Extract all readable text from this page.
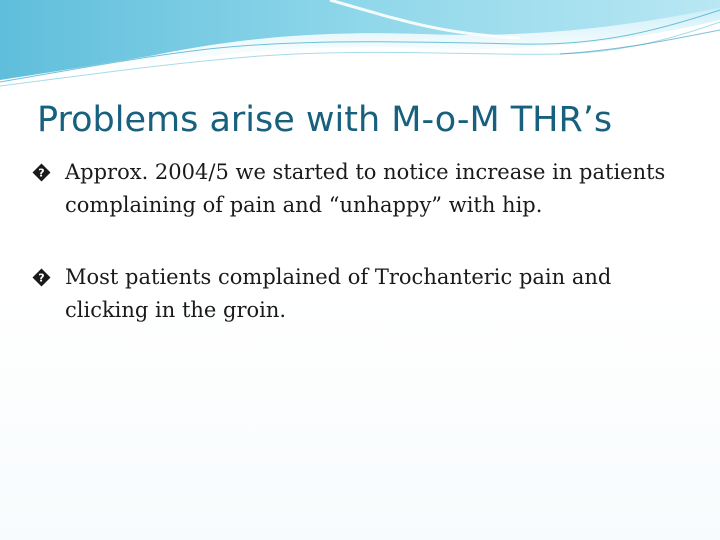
Problems arise with M-o-M THR’s
? Approx. 2004/5 we started to notice increase in patients complaining of pain and “unhappy” with hip.
? Most patients complained of Trochanteric pain and clicking in the groin.
